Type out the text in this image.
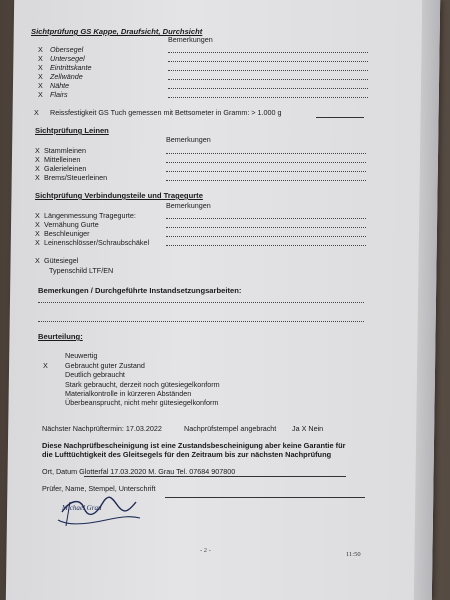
Sichtprüfung GS Kappe, Draufsicht, Durchsicht
Bemerkungen
X Obersegel
X Untersegel
X Eintrittskante
X Zellwände
X Nähte
X Flairs
X Reissfestigkeit GS Tuch gemessen mit Bettsometer in Gramm: > 1.000 g
Sichtprüfung Leinen
Bemerkungen
X Stammleinen
X Mittelleinen
X Galerieleinen
X Brems/Steuerleinen
Sichtprüfung Verbindungsteile und Tragegurte
Bemerkungen
X Längenmessung Tragegurte:
X Vernähung Gurte
X Beschleuniger
X Leinenschlösser/Schraubschäkel
X Gütesiegel
Typenschild LTF/EN
Bemerkungen / Durchgeführte Instandsetzungsarbeiten:
Beurteilung:
X
Neuwertig
Gebraucht guter Zustand
Deutlich gebraucht
Stark gebraucht, derzeit noch gütesiegelkonform
Materialkontrolle in kürzeren Abständen
Überbeansprucht, nicht mehr gütesiegelkonform
Nächster Nachprüftermin: 17.03.2022	Nachprüfstempel angebracht Ja X Nein
Diese Nachprüfbescheinigung ist eine Zustandsbescheinigung aber keine Garantie für
die Lufttüchtigkeit des Gleitsegels für den Zeitraum bis zur nächsten Nachprüfung
Ort, Datum Glotterfal 17.03.2020 M. Grau Tel. 07684 907800
Prüfer, Name, Stempel, Unterschrift
Michael Grau
- 2 -
11:50
